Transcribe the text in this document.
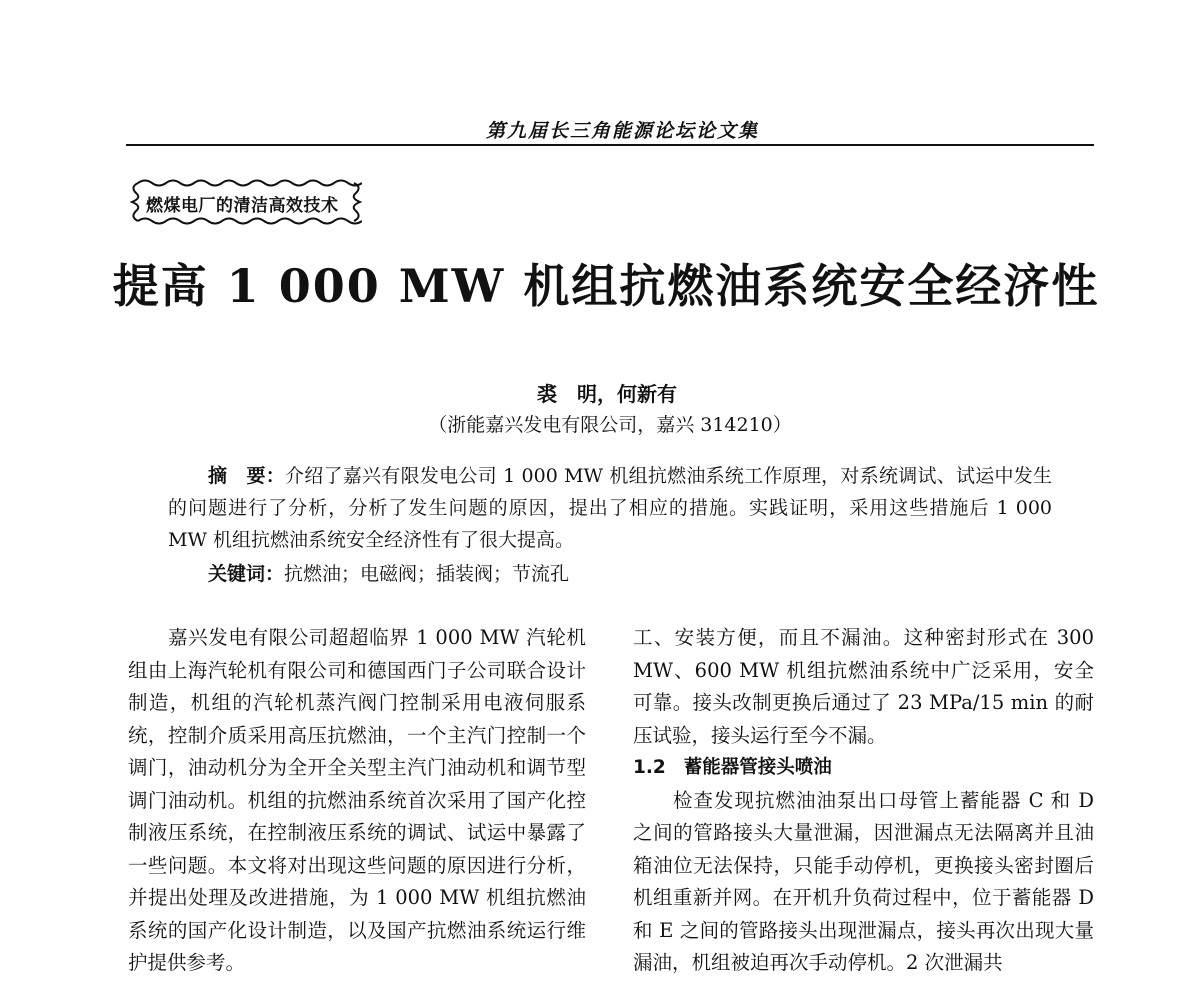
第九届长三角能源论坛论文集
燃煤电厂的清洁高效技术
提高 1 000 MW 机组抗燃油系统安全经济性
裘　明，何新有
（浙能嘉兴发电有限公司，嘉兴 314210）

摘　要：介绍了嘉兴有限发电公司 1 000 MW 机组抗燃油系统工作原理，对系统调试、试运中发生的问题进行了分析，分析了发生问题的原因，提出了相应的措施。实践证明，采用这些措施后 1 000 MW 机组抗燃油系统安全经济性有了很大提高。

关键词：抗燃油；电磁阀；插装阀；节流孔

嘉兴发电有限公司超超临界 1 000 MW 汽轮机组由上海汽轮机有限公司和德国西门子公司联合设计制造，机组的汽轮机蒸汽阀门控制采用电液伺服系统，控制介质采用高压抗燃油，一个主汽门控制一个调门，油动机分为全开全关型主汽门油动机和调节型调门油动机。机组的抗燃油系统首次采用了国产化控制液压系统，在控制液压系统的调试、试运中暴露了一些问题。本文将对出现这些问题的原因进行分析，并提出处理及改进措施，为 1 000 MW 机组抗燃油系统的国产化设计制造，以及国产抗燃油系统运行维护提供参考。

工、安装方便，而且不漏油。这种密封形式在 300 MW、600 MW 机组抗燃油系统中广泛采用，安全可靠。接头改制更换后通过了 23 MPa/15 min 的耐压试验，接头运行至今不漏。

1.2 蓄能器管接头喷油

检查发现抗燃油油泵出口母管上蓄能器 C 和 D 之间的管路接头大量泄漏，因泄漏点无法隔离并且油箱油位无法保持，只能手动停机，更换接头密封圈后机组重新并网。在开机升负荷过程中，位于蓄能器 D 和 E 之间的管路接头出现泄漏点，接头再次出现大量漏油，机组被迫再次手动停机。2 次泄漏共
